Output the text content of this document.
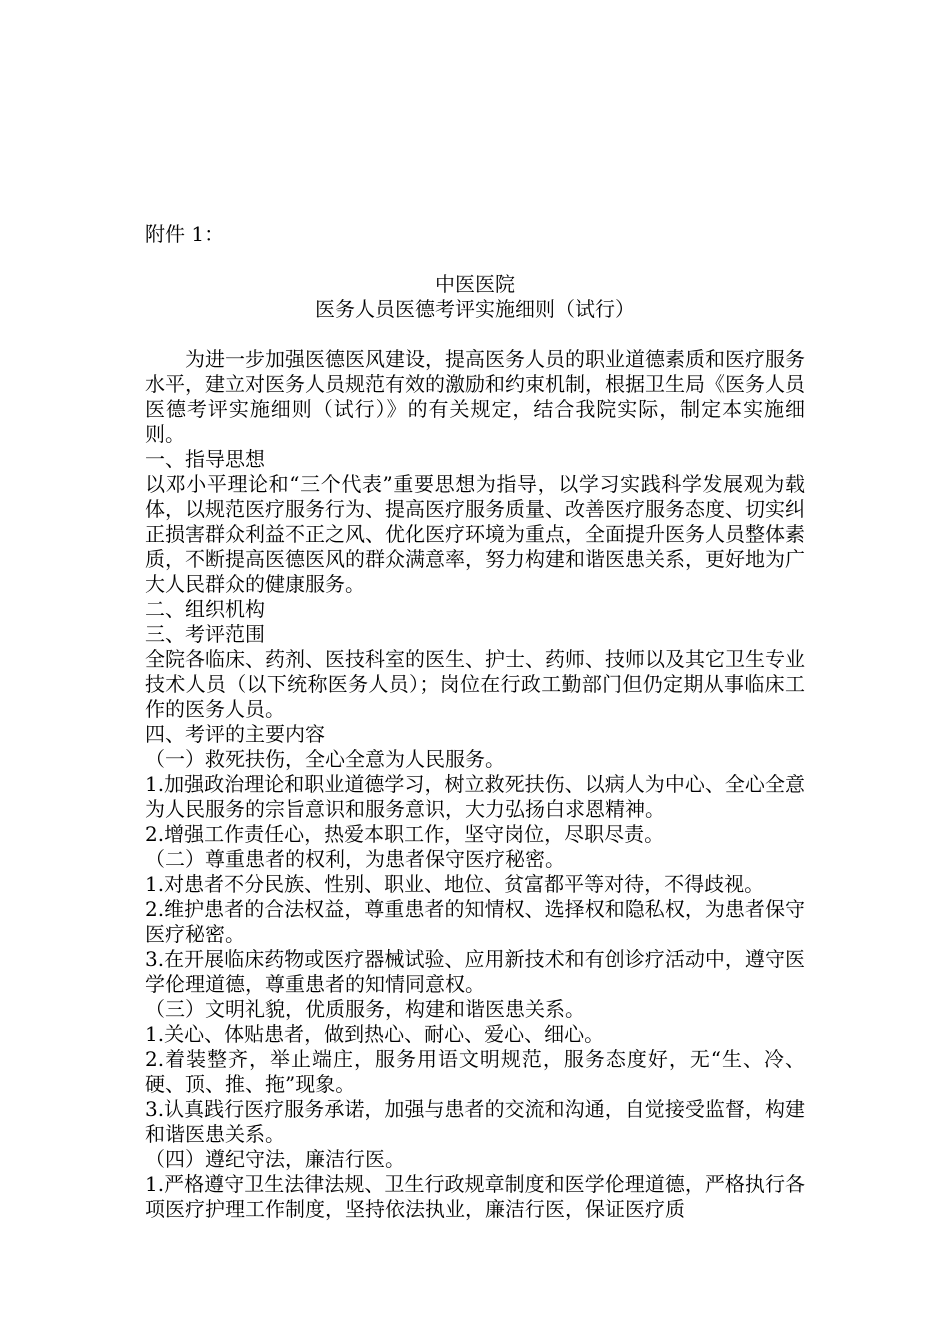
附件 1：

中医医院

医务人员医德考评实施细则（试行）

为进一步加强医德医风建设，提高医务人员的职业道德素质和医疗服务水平，建立对医务人员规范有效的激励和约束机制，根据卫生局《医务人员医德考评实施细则（试行）》的有关规定，结合我院实际，制定本实施细则。

一、指导思想

以邓小平理论和“三个代表”重要思想为指导，以学习实践科学发展观为载体，以规范医疗服务行为、提高医疗服务质量、改善医疗服务态度、切实纠正损害群众利益不正之风、优化医疗环境为重点，全面提升医务人员整体素质，不断提高医德医风的群众满意率，努力构建和谐医患关系，更好地为广大人民群众的健康服务。

二、组织机构

三、考评范围

全院各临床、药剂、医技科室的医生、护士、药师、技师以及其它卫生专业技术人员（以下统称医务人员）；岗位在行政工勤部门但仍定期从事临床工作的医务人员。

四、考评的主要内容

（一）救死扶伤，全心全意为人民服务。

1.加强政治理论和职业道德学习，树立救死扶伤、以病人为中心、全心全意为人民服务的宗旨意识和服务意识，大力弘扬白求恩精神。

2.增强工作责任心，热爱本职工作，坚守岗位，尽职尽责。

（二）尊重患者的权利，为患者保守医疗秘密。

1.对患者不分民族、性别、职业、地位、贫富都平等对待，不得歧视。

2.维护患者的合法权益，尊重患者的知情权、选择权和隐私权，为患者保守医疗秘密。

3.在开展临床药物或医疗器械试验、应用新技术和有创诊疗活动中，遵守医学伦理道德，尊重患者的知情同意权。

（三）文明礼貌，优质服务，构建和谐医患关系。

1.关心、体贴患者，做到热心、耐心、爱心、细心。

2.着装整齐，举止端庄，服务用语文明规范，服务态度好，无“生、冷、硬、顶、推、拖”现象。

3.认真践行医疗服务承诺，加强与患者的交流和沟通，自觉接受监督，构建和谐医患关系。

（四）遵纪守法，廉洁行医。

1.严格遵守卫生法律法规、卫生行政规章制度和医学伦理道德，严格执行各项医疗护理工作制度，坚持依法执业，廉洁行医，保证医疗质
